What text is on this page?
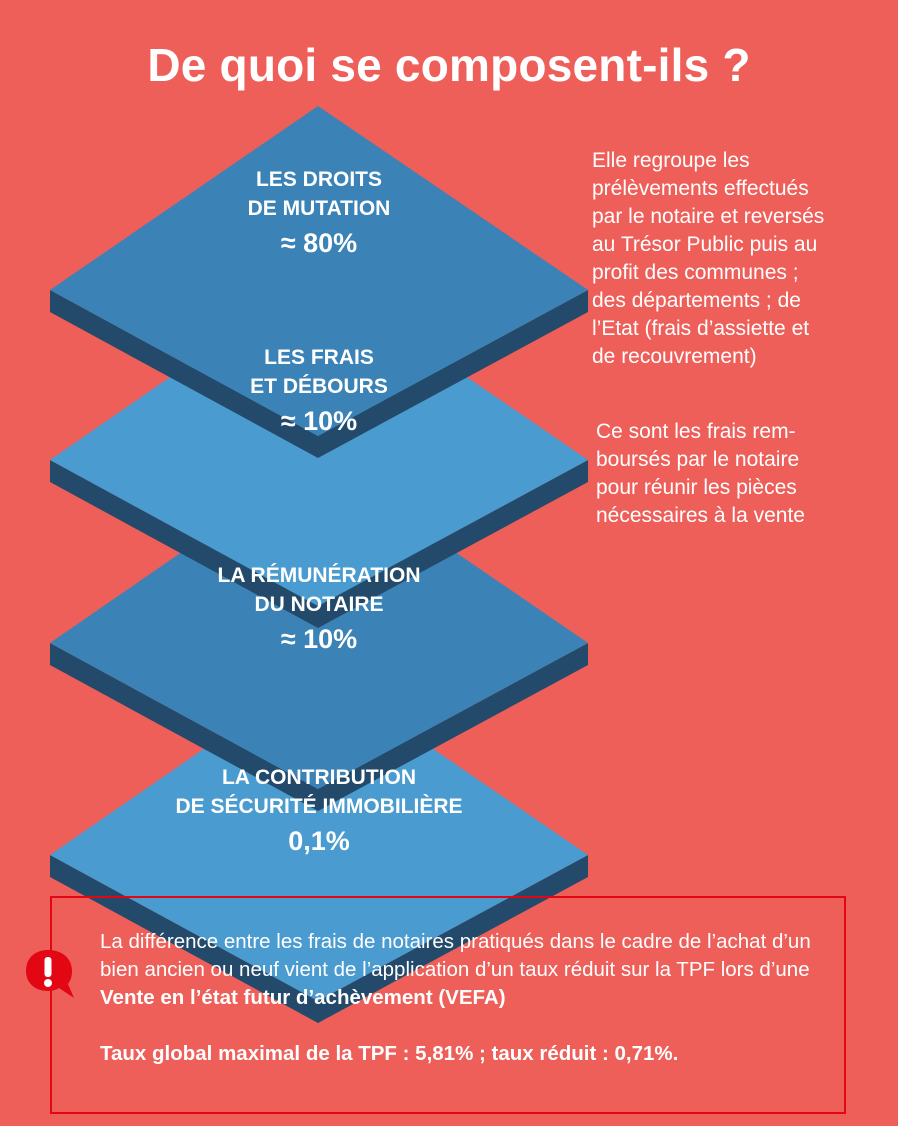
De quoi se composent-ils ?
LES DROITS
DE MUTATION
≈ 80%
LES FRAIS
ET DÉBOURS
≈ 10%
LA RÉMUNÉRATION
DU NOTAIRE
≈ 10%
LA CONTRIBUTION
DE SÉCURITÉ IMMOBILIÈRE
0,1%
Elle regroupe les
prélèvements effectués
par le notaire et reversés
au Trésor Public puis au
profit des communes ;
des départements ; de
l’Etat (frais d’assiette et
de recouvrement)
Ce sont les frais rem-
boursés par le notaire
pour réunir les pièces
nécessaires à la vente
La différence entre les frais de notaires pratiqués dans le cadre de l’achat d’un bien ancien ou neuf vient de l’application d’un taux réduit sur la TPF lors d’une Vente en l’état futur d’achèvement (VEFA)
Taux global maximal de la TPF : 5,81% ; taux réduit : 0,71%.
